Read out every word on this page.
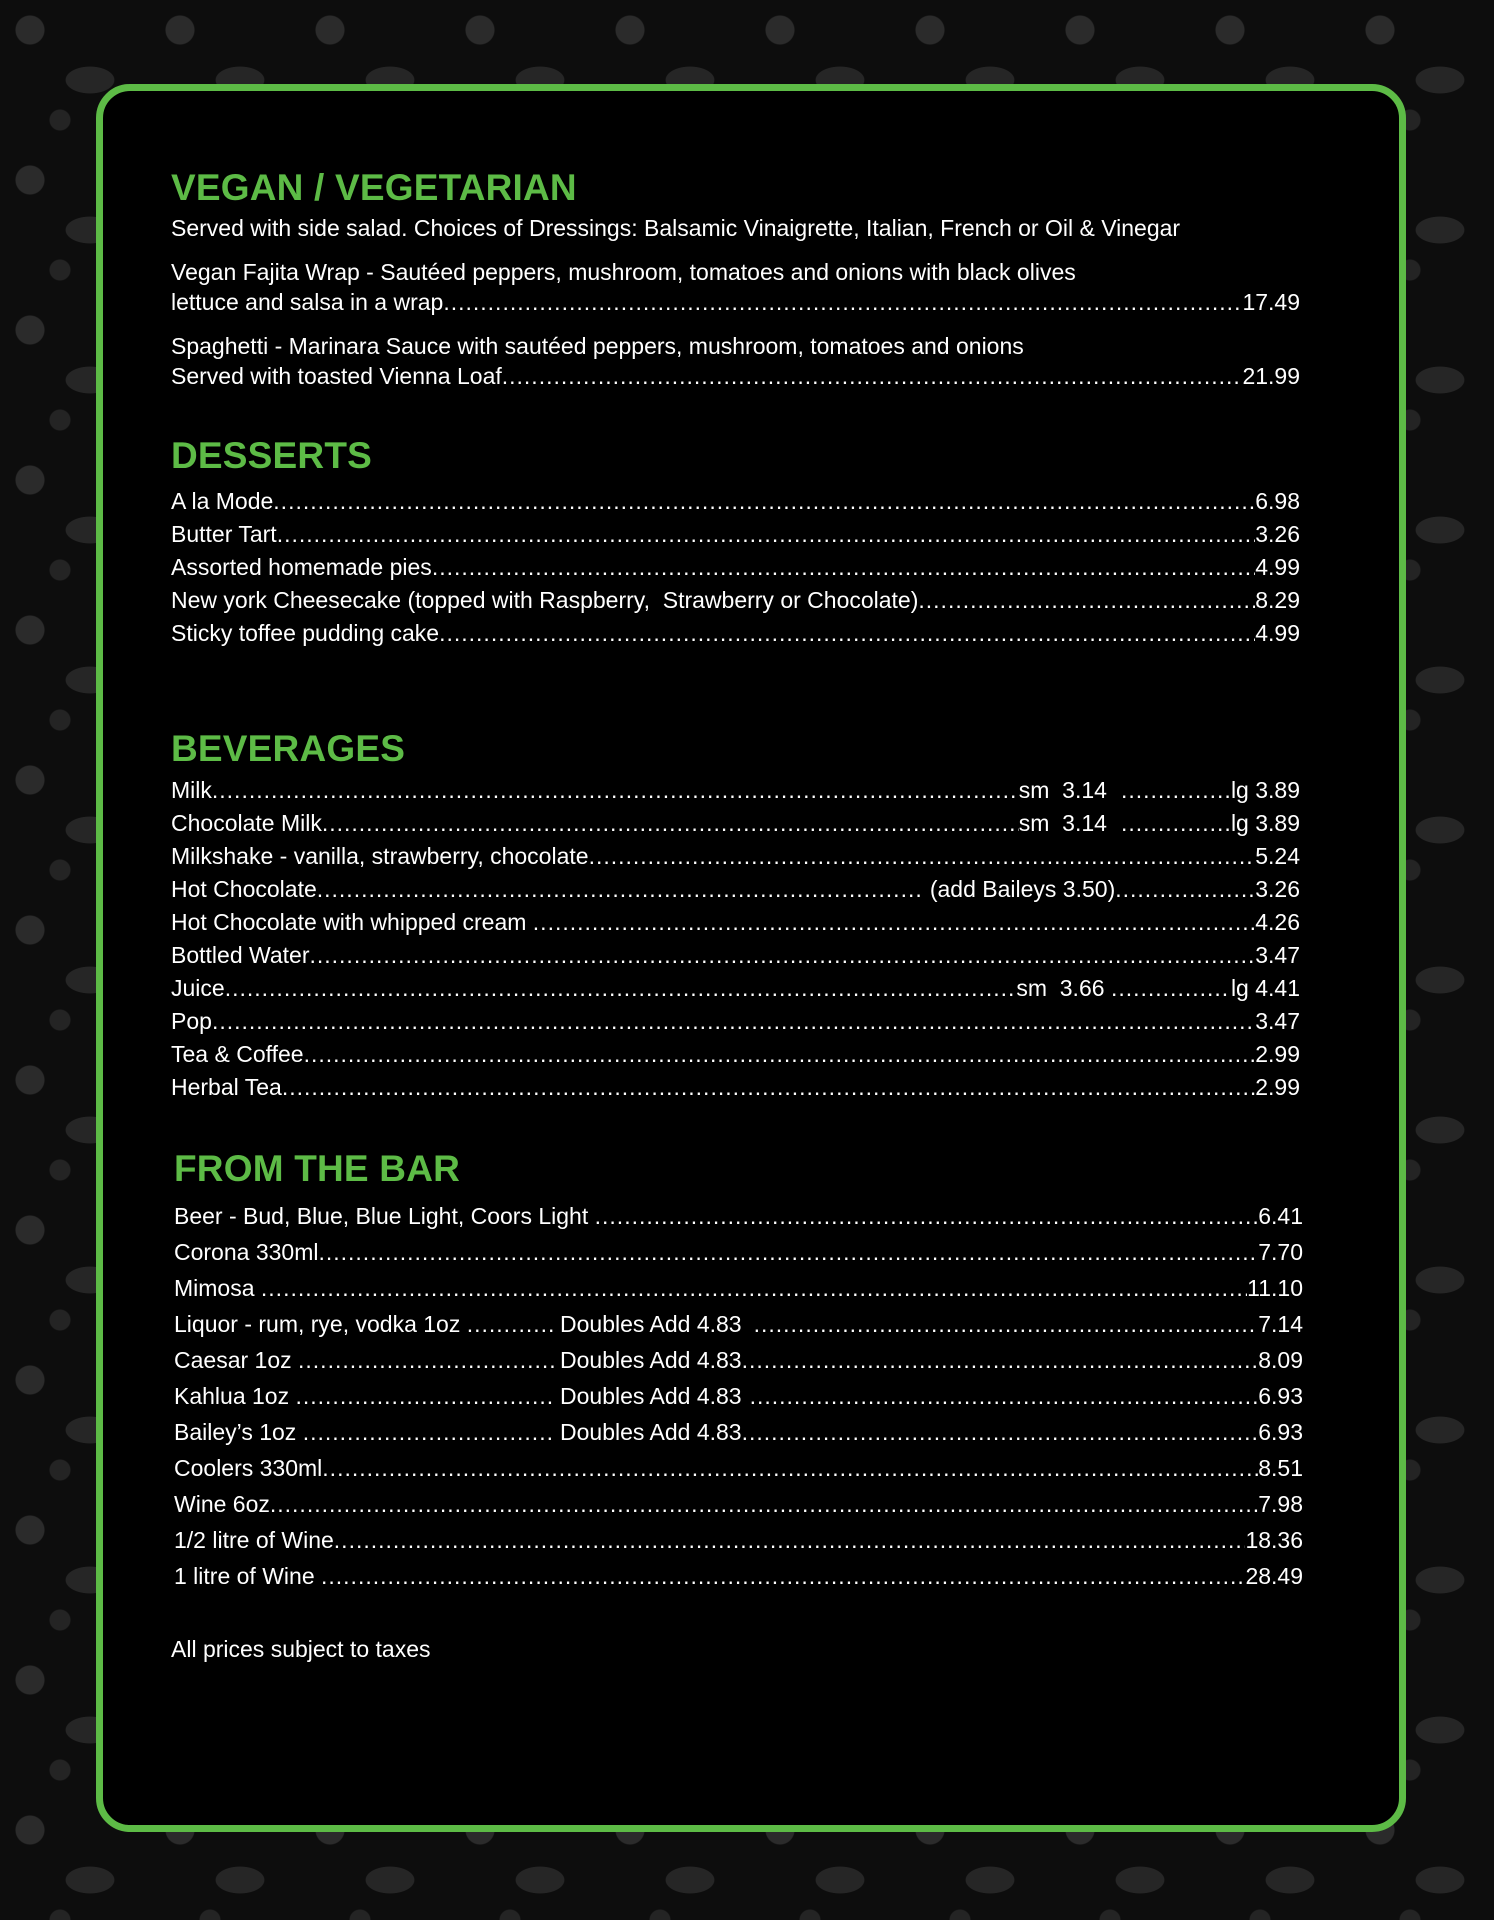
VEGAN / VEGETARIAN
Served with side salad. Choices of Dressings: Balsamic Vinaigrette, Italian, French or Oil & Vinegar
Vegan Fajita Wrap - Sautéed peppers, mushroom, tomatoes and onions with black olives
lettuce and salsa in a wrap .....	17.49
Spaghetti - Marinara Sauce with sautéed peppers, mushroom, tomatoes and onions
Served with toasted Vienna Loaf .....	21.99
DESSERTS
A la Mode .....	6.98
Butter Tart .....	3.26
Assorted homemade pies .....	4.99
New york Cheesecake (topped with Raspberry,  Strawberry or Chocolate) .....	8.29
Sticky toffee pudding cake .....	4.99
BEVERAGES
Milk .....	sm  3.14 .....	lg 3.89
Chocolate Milk .....	sm  3.14 .....	lg 3.89
Milkshake - vanilla, strawberry, chocolate .....	5.24
Hot Chocolate .....	(add Baileys 3.50) .....	3.26
Hot Chocolate with whipped cream .....	4.26
Bottled Water .....	3.47
Juice .....	sm  3.66 .....	lg 4.41
Pop .....	3.47
Tea & Coffee .....	2.99
Herbal Tea .....	2.99
FROM THE BAR
Beer - Bud, Blue, Blue Light, Coors Light .....	6.41
Corona 330ml .....	7.70
Mimosa .....	11.10
Liquor - rum, rye, vodka 1oz .....	Doubles Add 4.83 .....	7.14
Caesar 1oz .....	Doubles Add 4.83 .....	8.09
Kahlua 1oz .....	Doubles Add 4.83 .....	6.93
Bailey’s 1oz .....	Doubles Add 4.83 .....	6.93
Coolers 330ml .....	8.51
Wine 6oz .....	7.98
1/2 litre of Wine .....	18.36
1 litre of Wine .....	28.49
All prices subject to taxes
